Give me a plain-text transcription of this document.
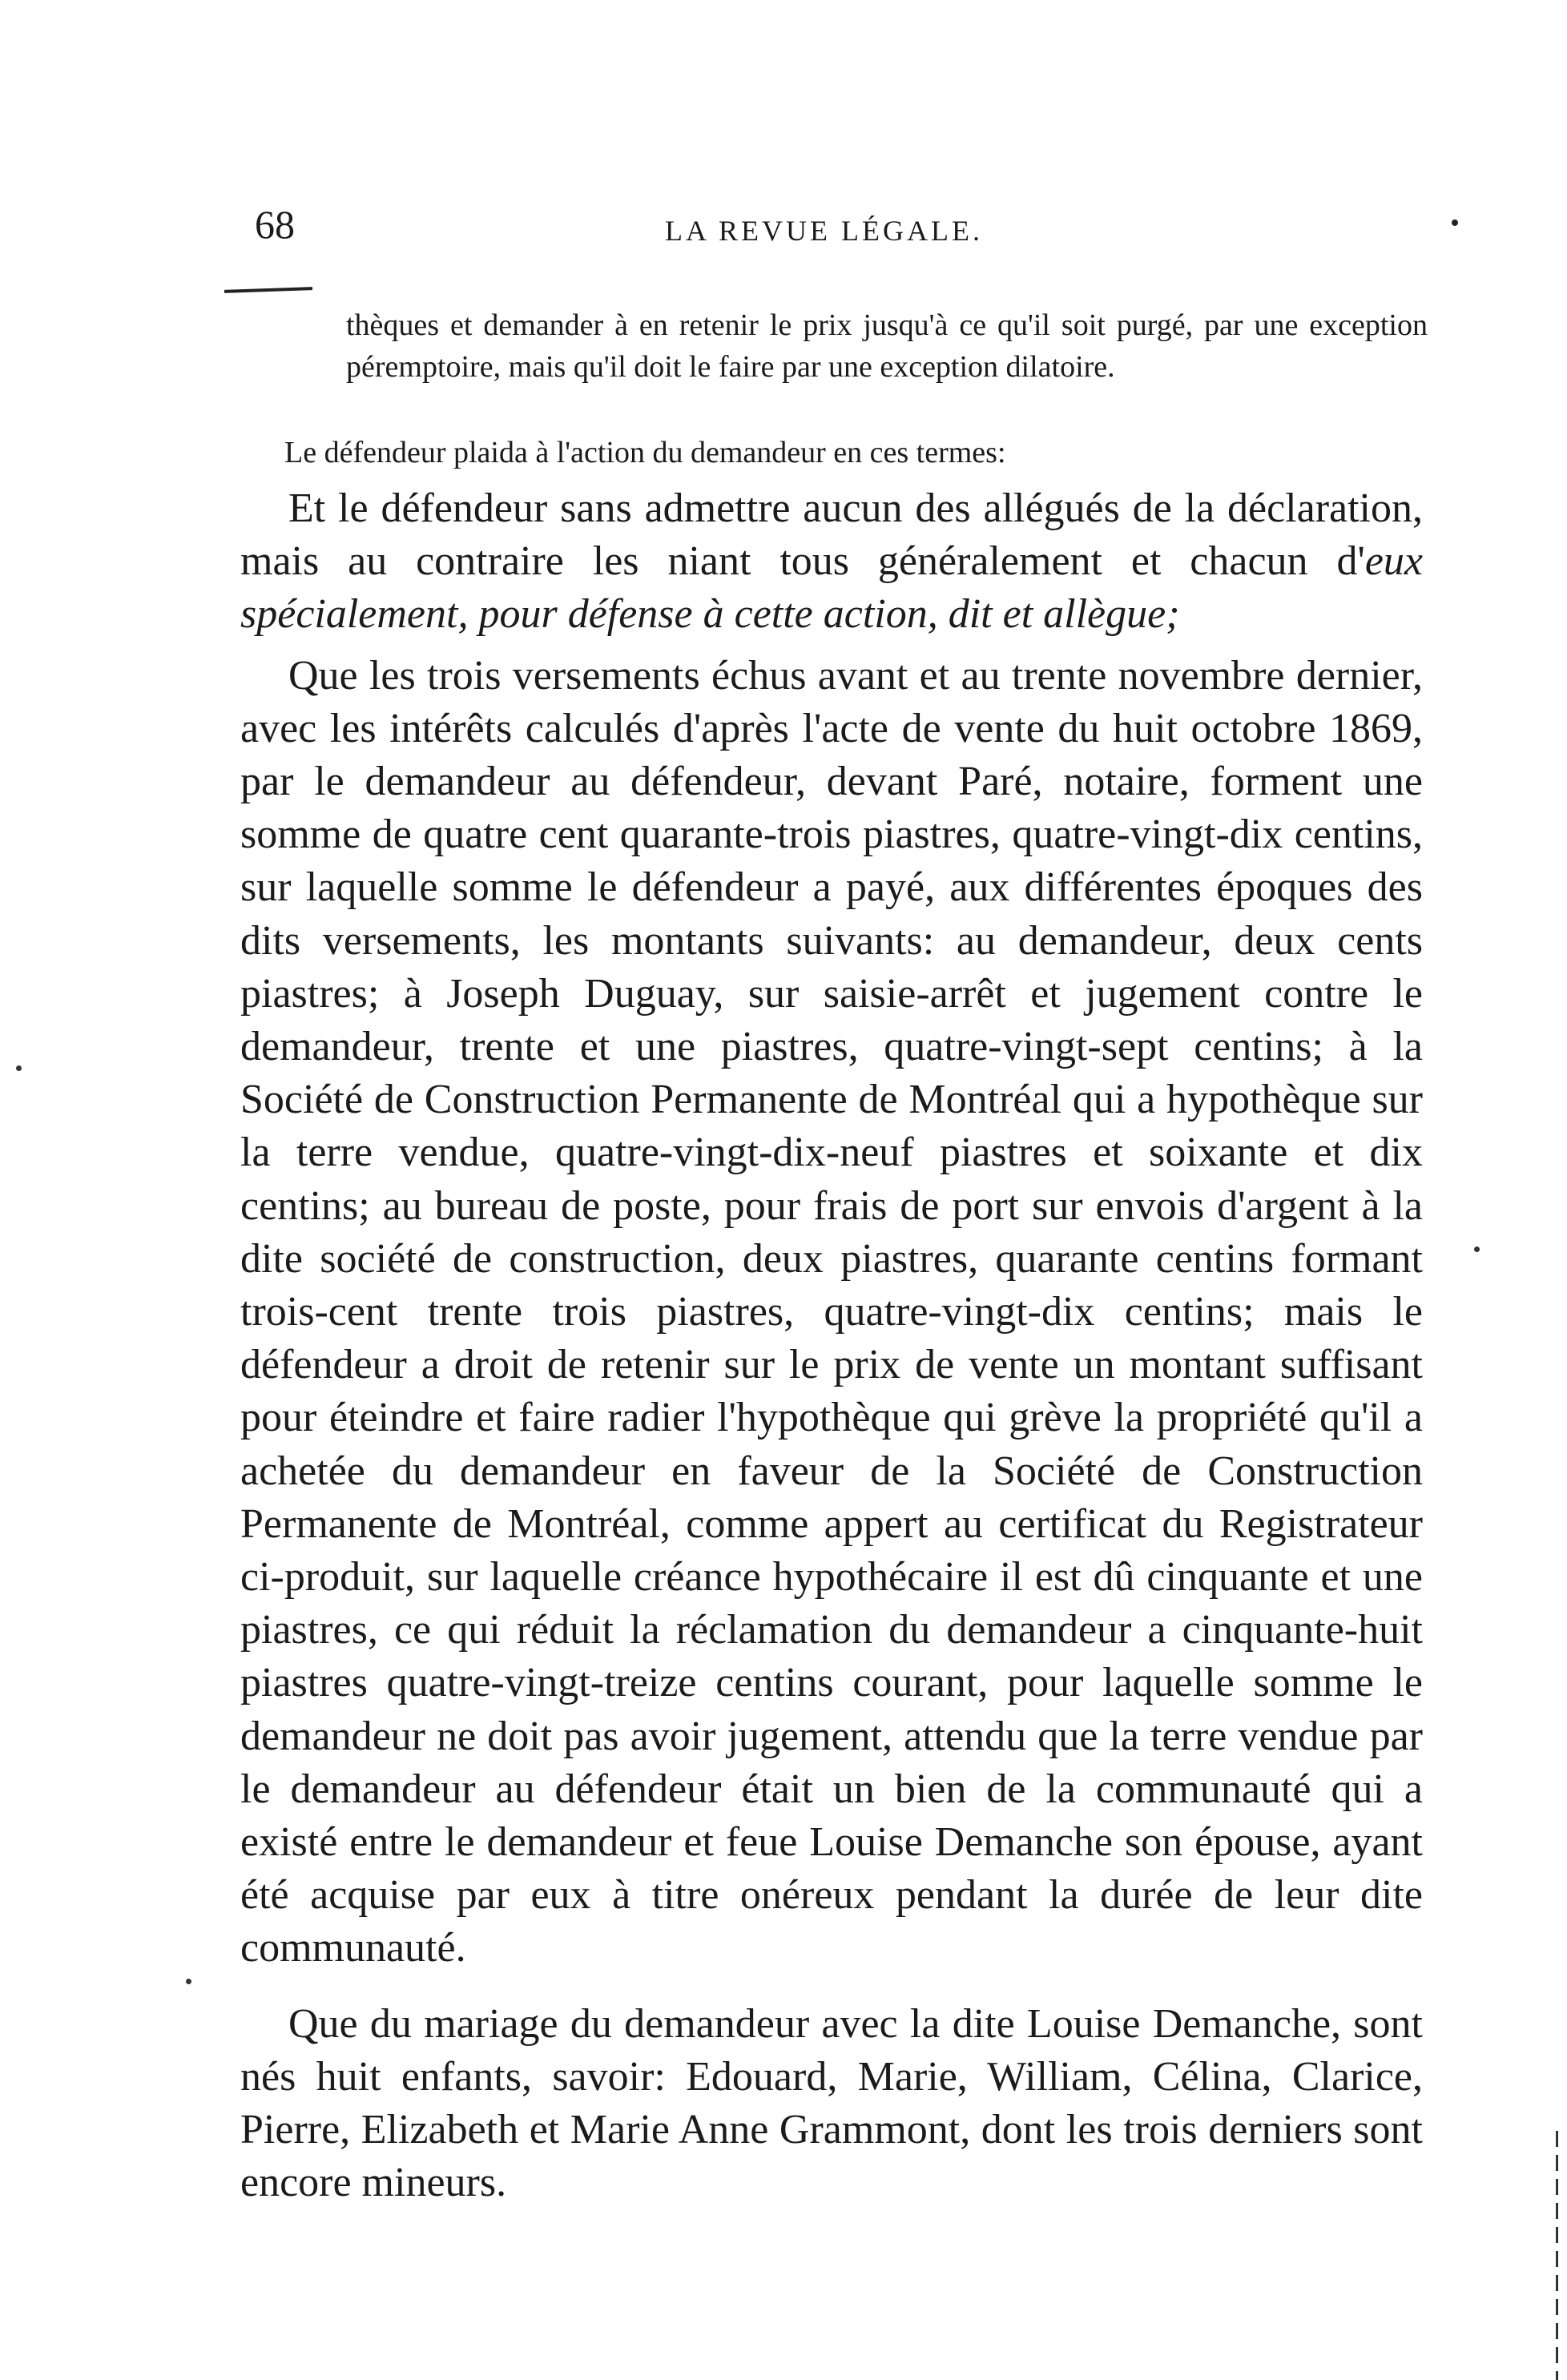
68	LA REVUE LÉGALE.

thèques et demander à en retenir le prix jusqu'à ce qu'il soit purgé, par une exception péremptoire, mais qu'il doit le faire par une exception dilatoire.

Le défendeur plaida à l'action du demandeur en ces termes:

Et le défendeur sans admettre aucun des allégués de la déclaration, mais au contraire les niant tous généralement et chacun d'eux spécialement, pour défense à cette action, dit et allègue;

Que les trois versements échus avant et au trente novembre dernier, avec les intérêts calculés d'après l'acte de vente du huit octobre 1869, par le demandeur au défendeur, devant Paré, notaire, forment une somme de quatre cent quarante-trois piastres, quatre-vingt-dix centins, sur laquelle somme le défendeur a payé, aux différentes époques des dits versements, les montants suivants: au demandeur, deux cents piastres; à Joseph Duguay, sur saisie-arrêt et jugement contre le demandeur, trente et une piastres, quatre-vingt-sept centins; à la Société de Construction Permanente de Montréal qui a hypothèque sur la terre vendue, quatre-vingt-dix-neuf piastres et soixante et dix centins; au bureau de poste, pour frais de port sur envois d'argent à la dite société de construction, deux piastres, quarante centins formant trois-cent trente trois piastres, quatre-vingt-dix centins; mais le défendeur a droit de retenir sur le prix de vente un montant suffisant pour éteindre et faire radier l'hypothèque qui grève la propriété qu'il a achetée du demandeur en faveur de la Société de Construction Permanente de Montréal, comme appert au certificat du Registrateur ci-produit, sur laquelle créance hypothécaire il est dû cinquante et une piastres, ce qui réduit la réclamation du demandeur a cinquante-huit piastres quatre-vingt-treize centins courant, pour laquelle somme le demandeur ne doit pas avoir jugement, attendu que la terre vendue par le demandeur au défendeur était un bien de la communauté qui a existé entre le demandeur et feue Louise Demanche son épouse, ayant été acquise par eux à titre onéreux pendant la durée de leur dite communauté.

Que du mariage du demandeur avec la dite Louise Demanche, sont nés huit enfants, savoir: Edouard, Marie, William, Célina, Clarice, Pierre, Elizabeth et Marie Anne Grammont, dont les trois derniers sont encore mineurs.
